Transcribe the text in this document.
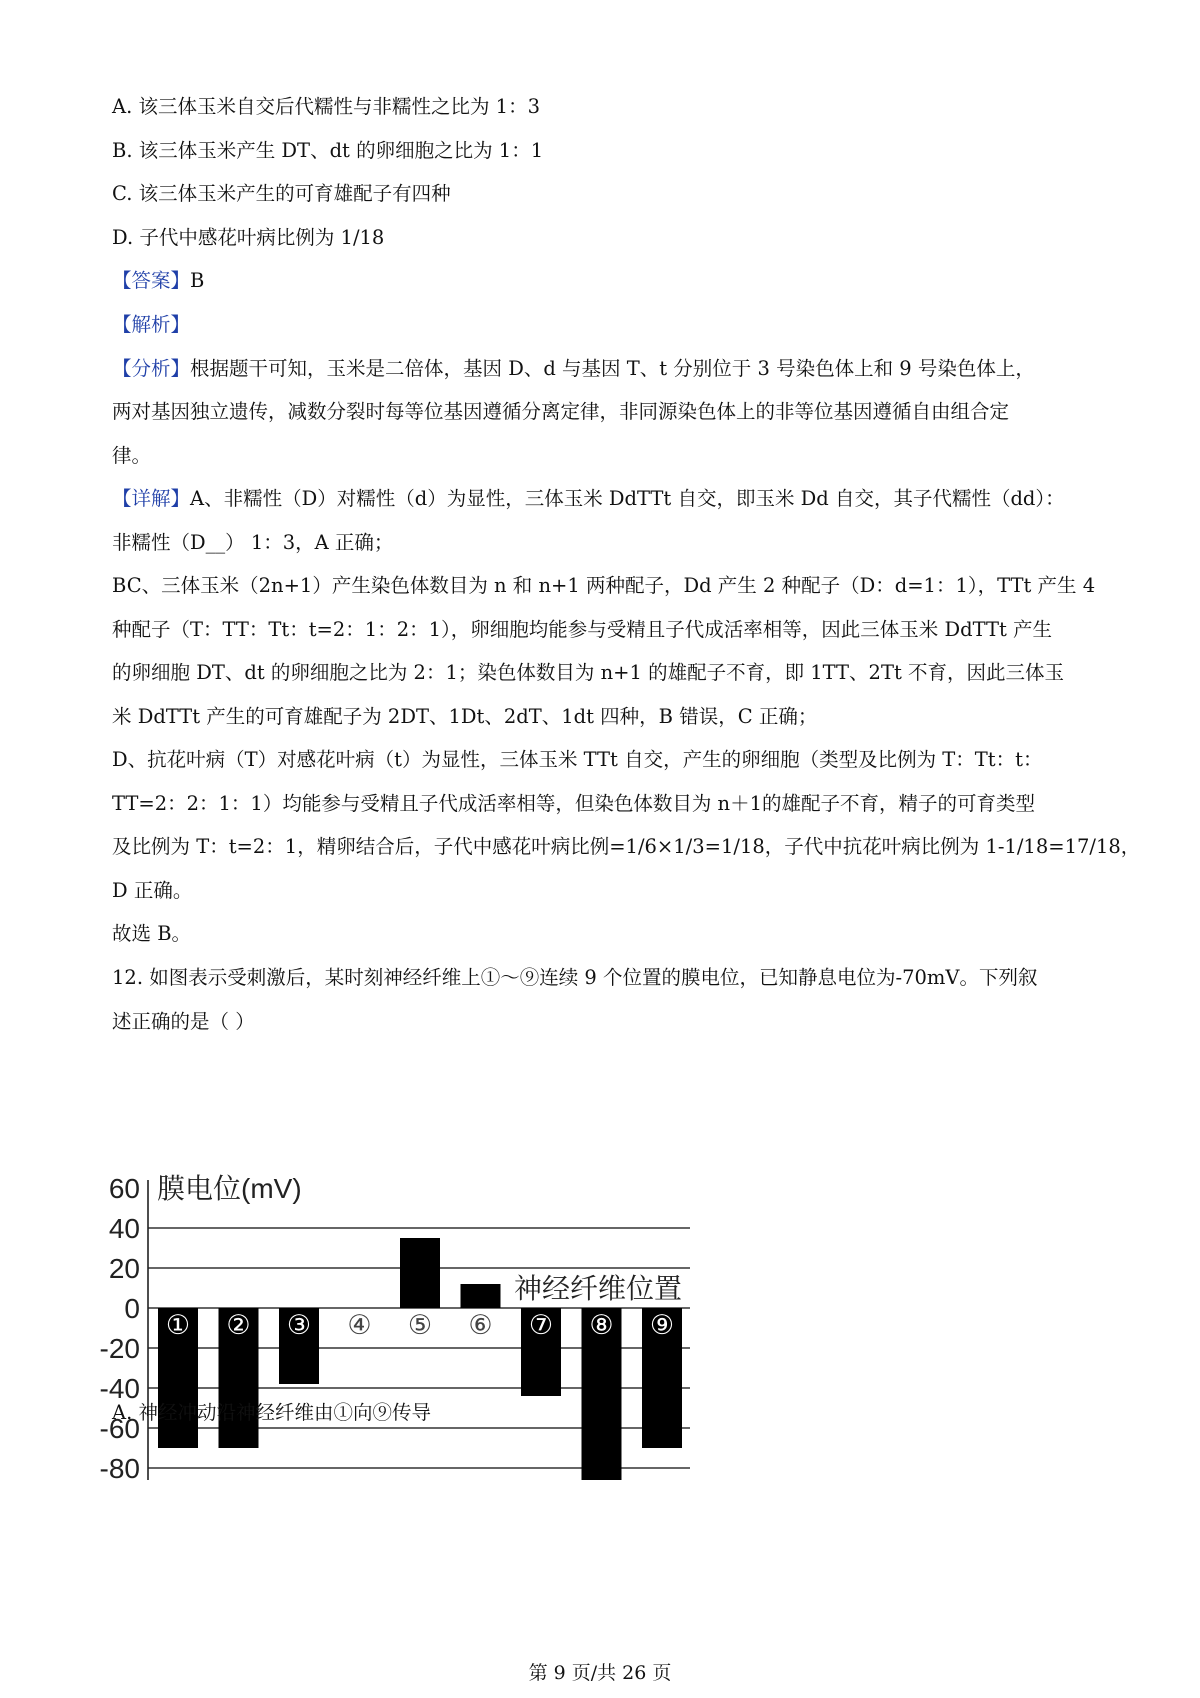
A. 该三体玉米自交后代糯性与非糯性之比为 1：3
B. 该三体玉米产生 DT、dt 的卵细胞之比为 1：1
C. 该三体玉米产生的可育雄配子有四种
D. 子代中感花叶病比例为 1/18
【答案】B
【解析】
【分析】根据题干可知，玉米是二倍体，基因 D、d 与基因 T、t 分别位于 3 号染色体上和 9 号染色体上，
两对基因独立遗传，减数分裂时每等位基因遵循分离定律，非同源染色体上的非等位基因遵循自由组合定
律。
【详解】A、非糯性（D）对糯性（d）为显性，三体玉米 DdTTt 自交，即玉米 Dd 自交，其子代糯性（dd）：
非糯性（D__） 1：3，A 正确；
BC、三体玉米（2n+1）产生染色体数目为 n 和 n+1 两种配子，Dd 产生 2 种配子（D：d=1：1），TTt 产生 4
种配子（T：TT：Tt：t=2：1：2：1），卵细胞均能参与受精且子代成活率相等，因此三体玉米 DdTTt 产生
的卵细胞 DT、dt 的卵细胞之比为 2：1；染色体数目为 n+1 的雄配子不育，即 1TT、2Tt 不育，因此三体玉
米 DdTTt 产生的可育雄配子为 2DT、1Dt、2dT、1dt 四种，B 错误，C 正确；
D、抗花叶病（T）对感花叶病（t）为显性，三体玉米 TTt 自交，产生的卵细胞（类型及比例为 T：Tt：t：
TT=2：2：1：1）均能参与受精且子代成活率相等，但染色体数目为 n＋1的雄配子不育，精子的可育类型
及比例为 T：t=2：1，精卵结合后，子代中感花叶病比例=1/6×1/3=1/18，子代中抗花叶病比例为 1-1/18=17/18，
D 正确。
故选 B。
12. 如图表示受刺激后，某时刻神经纤维上①～⑨连续 9 个位置的膜电位，已知静息电位为-70mV。下列叙
述正确的是（ ）
60
40
20
0
-20
-40
-60
-80
膜电位(mV)
① ② ③ ④ ⑤ ⑥ ⑦ ⑧ ⑨
神经纤维位置
A. 神经冲动沿神经纤维由①向⑨传导
第 9 页/共 26 页
